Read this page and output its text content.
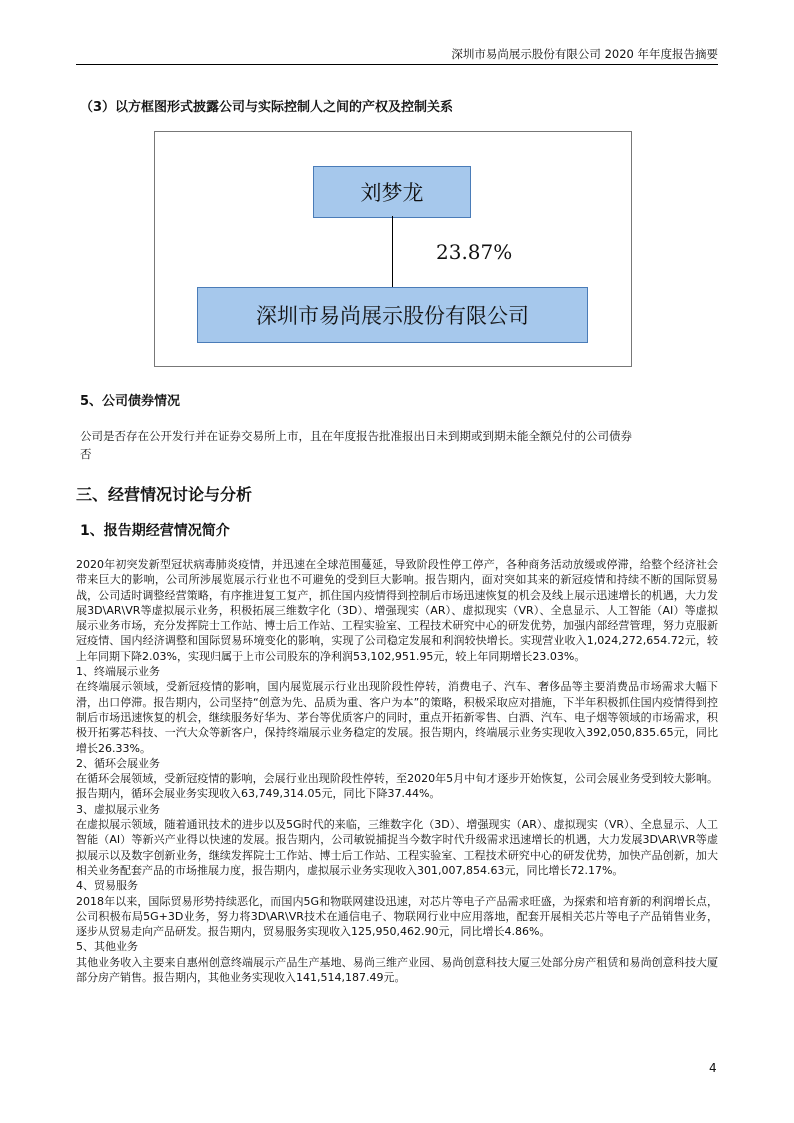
深圳市易尚展示股份有限公司 2020 年年度报告摘要
（3）以方框图形式披露公司与实际控制人之间的产权及控制关系
刘梦龙
23.87%
深圳市易尚展示股份有限公司
5、公司债券情况
公司是否存在公开发行并在证券交易所上市，且在年度报告批准报出日未到期或到期未能全额兑付的公司债券
否
三、经营情况讨论与分析
1、报告期经营情况简介

2020年初突发新型冠状病毒肺炎疫情，并迅速在全球范围蔓延，导致阶段性停工停产，各种商务活动放缓或停滞，给整个经济社会带来巨大的影响，公司所涉展览展示行业也不可避免的受到巨大影响。报告期内，面对突如其来的新冠疫情和持续不断的国际贸易战，公司适时调整经营策略，有序推进复工复产，抓住国内疫情得到控制后市场迅速恢复的机会及线上展示迅速增长的机遇，大力发展3D\AR\VR等虚拟展示业务，积极拓展三维数字化（3D）、增强现实（AR）、虚拟现实（VR）、全息显示、人工智能（AI）等虚拟展示业务市场，充分发挥院士工作站、博士后工作站、工程实验室、工程技术研究中心的研发优势，加强内部经营管理，努力克服新冠疫情、国内经济调整和国际贸易环境变化的影响，实现了公司稳定发展和利润较快增长。实现营业收入1,024,272,654.72元，较上年同期下降2.03%，实现归属于上市公司股东的净利润53,102,951.95元，较上年同期增长23.03%。

1、终端展示业务

在终端展示领域，受新冠疫情的影响，国内展览展示行业出现阶段性停转，消费电子、汽车、奢侈品等主要消费品市场需求大幅下滑，出口停滞。报告期内，公司坚持“创意为先、品质为重、客户为本”的策略，积极采取应对措施，下半年积极抓住国内疫情得到控制后市场迅速恢复的机会，继续服务好华为、茅台等优质客户的同时，重点开拓新零售、白酒、汽车、电子烟等领域的市场需求，积极开拓雾芯科技、一汽大众等新客户，保持终端展示业务稳定的发展。报告期内，终端展示业务实现收入392,050,835.65元，同比增长26.33%。

2、循环会展业务

在循环会展领域，受新冠疫情的影响，会展行业出现阶段性停转，至2020年5月中旬才逐步开始恢复，公司会展业务受到较大影响。报告期内，循环会展业务实现收入63,749,314.05元，同比下降37.44%。

3、虚拟展示业务

在虚拟展示领域，随着通讯技术的进步以及5G时代的来临，三维数字化（3D）、增强现实（AR）、虚拟现实（VR）、全息显示、人工智能（AI）等新兴产业得以快速的发展。报告期内，公司敏锐捕捉当今数字时代升级需求迅速增长的机遇，大力发展3D\AR\VR等虚拟展示以及数字创新业务，继续发挥院士工作站、博士后工作站、工程实验室、工程技术研究中心的研发优势，加快产品创新，加大相关业务配套产品的市场推展力度，报告期内，虚拟展示业务实现收入301,007,854.63元，同比增长72.17%。

4、贸易服务

2018年以来，国际贸易形势持续恶化，而国内5G和物联网建设迅速，对芯片等电子产品需求旺盛，为探索和培育新的利润增长点，公司积极布局5G+3D业务，努力将3D\AR\VR技术在通信电子、物联网行业中应用落地，配套开展相关芯片等电子产品销售业务，逐步从贸易走向产品研发。报告期内，贸易服务实现收入125,950,462.90元，同比增长4.86%。

5、其他业务

其他业务收入主要来自惠州创意终端展示产品生产基地、易尚三维产业园、易尚创意科技大厦三处部分房产租赁和易尚创意科技大厦部分房产销售。报告期内，其他业务实现收入141,514,187.49元。

4
